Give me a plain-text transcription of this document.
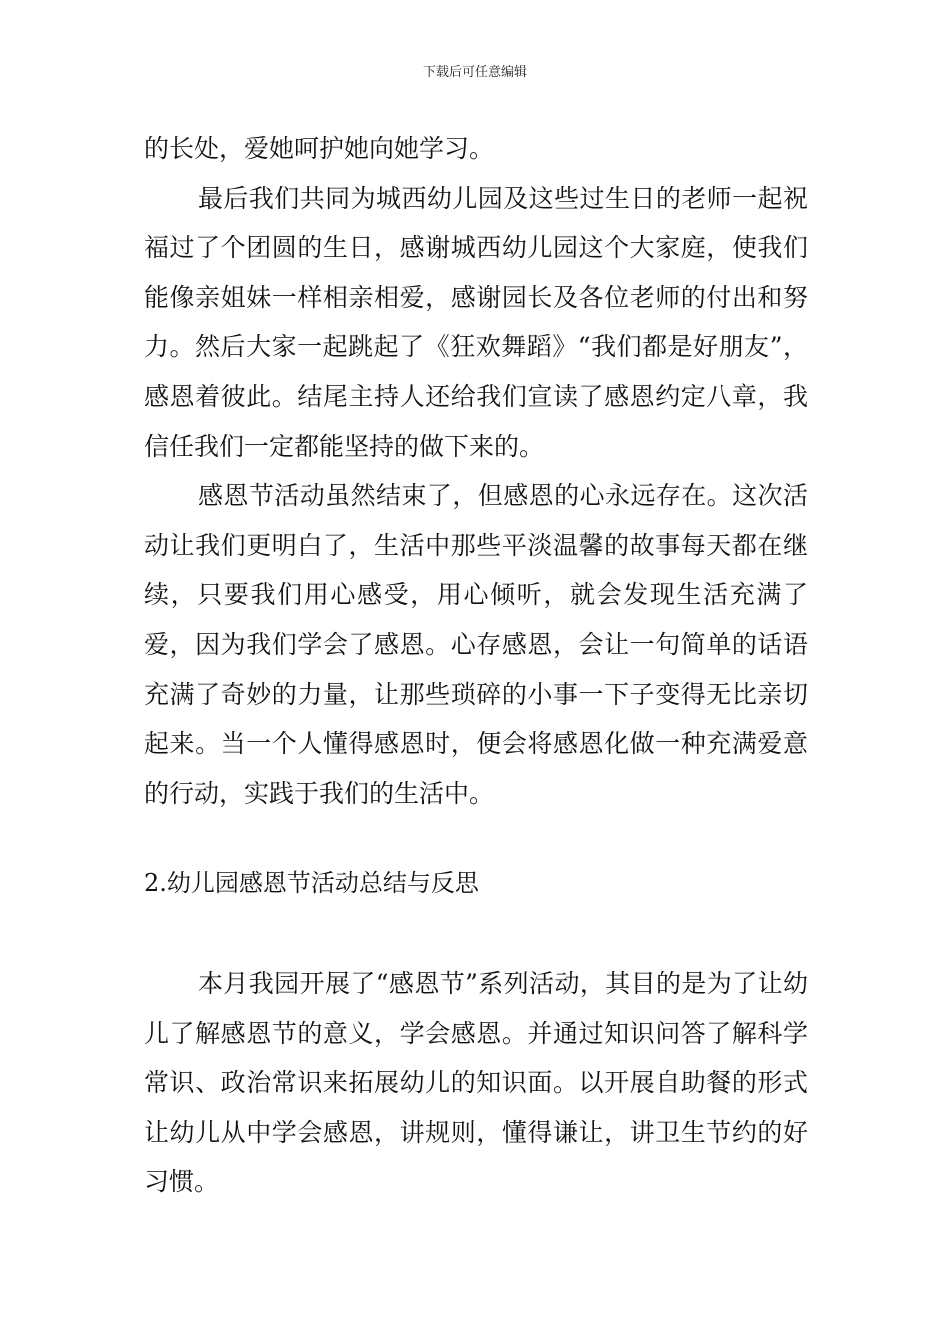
下载后可任意编辑

的长处，爱她呵护她向她学习。

最后我们共同为城西幼儿园及这些过生日的老师一起祝福过了个团圆的生日，感谢城西幼儿园这个大家庭，使我们能像亲姐妹一样相亲相爱，感谢园长及各位老师的付出和努力。然后大家一起跳起了《狂欢舞蹈》“我们都是好朋友”，感恩着彼此。结尾主持人还给我们宣读了感恩约定八章，我信任我们一定都能坚持的做下来的。

感恩节活动虽然结束了，但感恩的心永远存在。这次活动让我们更明白了，生活中那些平淡温馨的故事每天都在继续，只要我们用心感受，用心倾听，就会发现生活充满了爱，因为我们学会了感恩。心存感恩，会让一句简单的话语充满了奇妙的力量，让那些琐碎的小事一下子变得无比亲切起来。当一个人懂得感恩时，便会将感恩化做一种充满爱意的行动，实践于我们的生活中。

2.幼儿园感恩节活动总结与反思

本月我园开展了“感恩节”系列活动，其目的是为了让幼儿了解感恩节的意义，学会感恩。并通过知识问答了解科学常识、政治常识来拓展幼儿的知识面。以开展自助餐的形式让幼儿从中学会感恩，讲规则，懂得谦让，讲卫生节约的好习惯。
